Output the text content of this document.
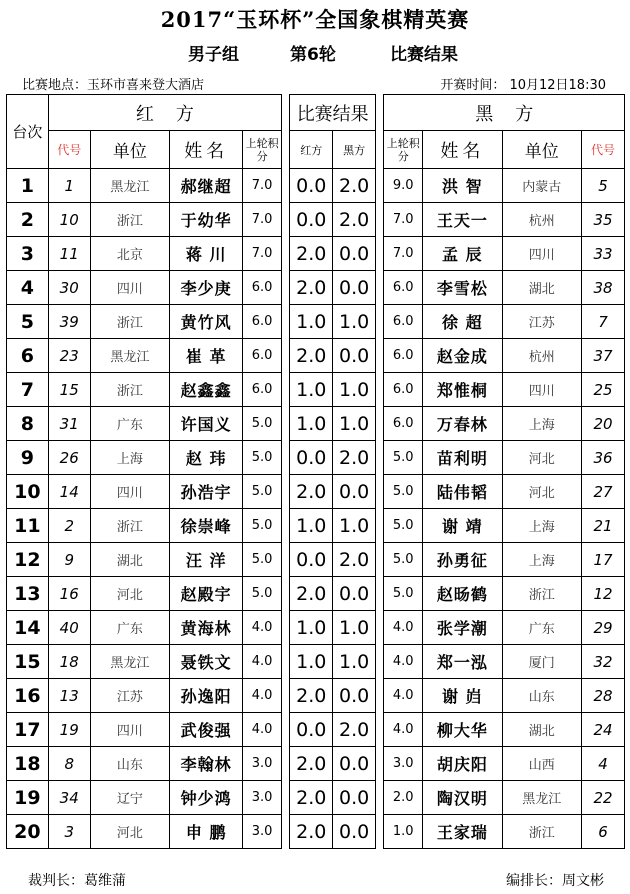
2017“玉环杯”全国象棋精英赛
男子组	第6轮	比赛结果
比赛地点：玉环市喜来登大酒店	开赛时间： 10月12日18:30
台次	红方					比赛结果			黑方			
	代号	单位	姓名	上轮积分		红方	黑方		上轮积分	姓名	单位	代号
1	1	黑龙江	郝继超	7.0		0.0	2.0		9.0	洪 智	内蒙古	5
2	10	浙江	于幼华	7.0		0.0	2.0		7.0	王天一	杭州	35
3	11	北京	蒋 川	7.0		2.0	0.0		7.0	孟 辰	四川	33
4	30	四川	李少庚	6.0		2.0	0.0		6.0	李雪松	湖北	38
5	39	浙江	黄竹风	6.0		1.0	1.0		6.0	徐 超	江苏	7
6	23	黑龙江	崔 革	6.0		2.0	0.0		6.0	赵金成	杭州	37
7	15	浙江	赵鑫鑫	6.0		1.0	1.0		6.0	郑惟桐	四川	25
8	31	广东	许国义	5.0		1.0	1.0		6.0	万春林	上海	20
9	26	上海	赵 玮	5.0		0.0	2.0		5.0	苗利明	河北	36
10	14	四川	孙浩宇	5.0		2.0	0.0		5.0	陆伟韬	河北	27
11	2	浙江	徐崇峰	5.0		1.0	1.0		5.0	谢 靖	上海	21
12	9	湖北	汪 洋	5.0		0.0	2.0		5.0	孙勇征	上海	17
13	16	河北	赵殿宇	5.0		2.0	0.0		5.0	赵旸鹤	浙江	12
14	40	广东	黄海林	4.0		1.0	1.0		4.0	张学潮	广东	29
15	18	黑龙江	聂铁文	4.0		1.0	1.0		4.0	郑一泓	厦门	32
16	13	江苏	孙逸阳	4.0		2.0	0.0		4.0	谢 岿	山东	28
17	19	四川	武俊强	4.0		0.0	2.0		4.0	柳大华	湖北	24
18	8	山东	李翰林	3.0		2.0	0.0		3.0	胡庆阳	山西	4
19	34	辽宁	钟少鸿	3.0		2.0	0.0		2.0	陶汉明	黑龙江	22
20	3	河北	申 鹏	3.0		2.0	0.0		1.0	王家瑞	浙江	6
裁判长：葛维蒲	编排长：周文彬
